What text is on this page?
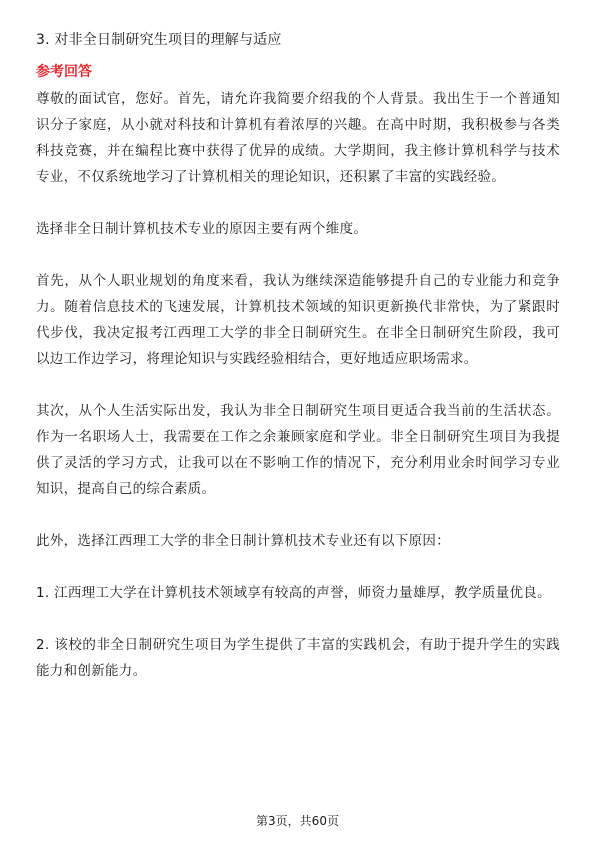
3. 对非全日制研究生项目的理解与适应
参考回答

尊敬的面试官，您好。首先，请允许我简要介绍我的个人背景。我出生于一个普通知识分子家庭，从小就对科技和计算机有着浓厚的兴趣。在高中时期，我积极参与各类科技竞赛，并在编程比赛中获得了优异的成绩。大学期间，我主修计算机科学与技术专业，不仅系统地学习了计算机相关的理论知识，还积累了丰富的实践经验。

选择非全日制计算机技术专业的原因主要有两个维度。

首先，从个人职业规划的角度来看，我认为继续深造能够提升自己的专业能力和竞争力。随着信息技术的飞速发展，计算机技术领域的知识更新换代非常快，为了紧跟时代步伐，我决定报考江西理工大学的非全日制研究生。在非全日制研究生阶段，我可以边工作边学习，将理论知识与实践经验相结合，更好地适应职场需求。

其次，从个人生活实际出发，我认为非全日制研究生项目更适合我当前的生活状态。作为一名职场人士，我需要在工作之余兼顾家庭和学业。非全日制研究生项目为我提供了灵活的学习方式，让我可以在不影响工作的情况下，充分利用业余时间学习专业知识，提高自己的综合素质。

此外，选择江西理工大学的非全日制计算机技术专业还有以下原因：

1. 江西理工大学在计算机技术领域享有较高的声誉，师资力量雄厚，教学质量优良。

2. 该校的非全日制研究生项目为学生提供了丰富的实践机会，有助于提升学生的实践能力和创新能力。

第3页，共60页
